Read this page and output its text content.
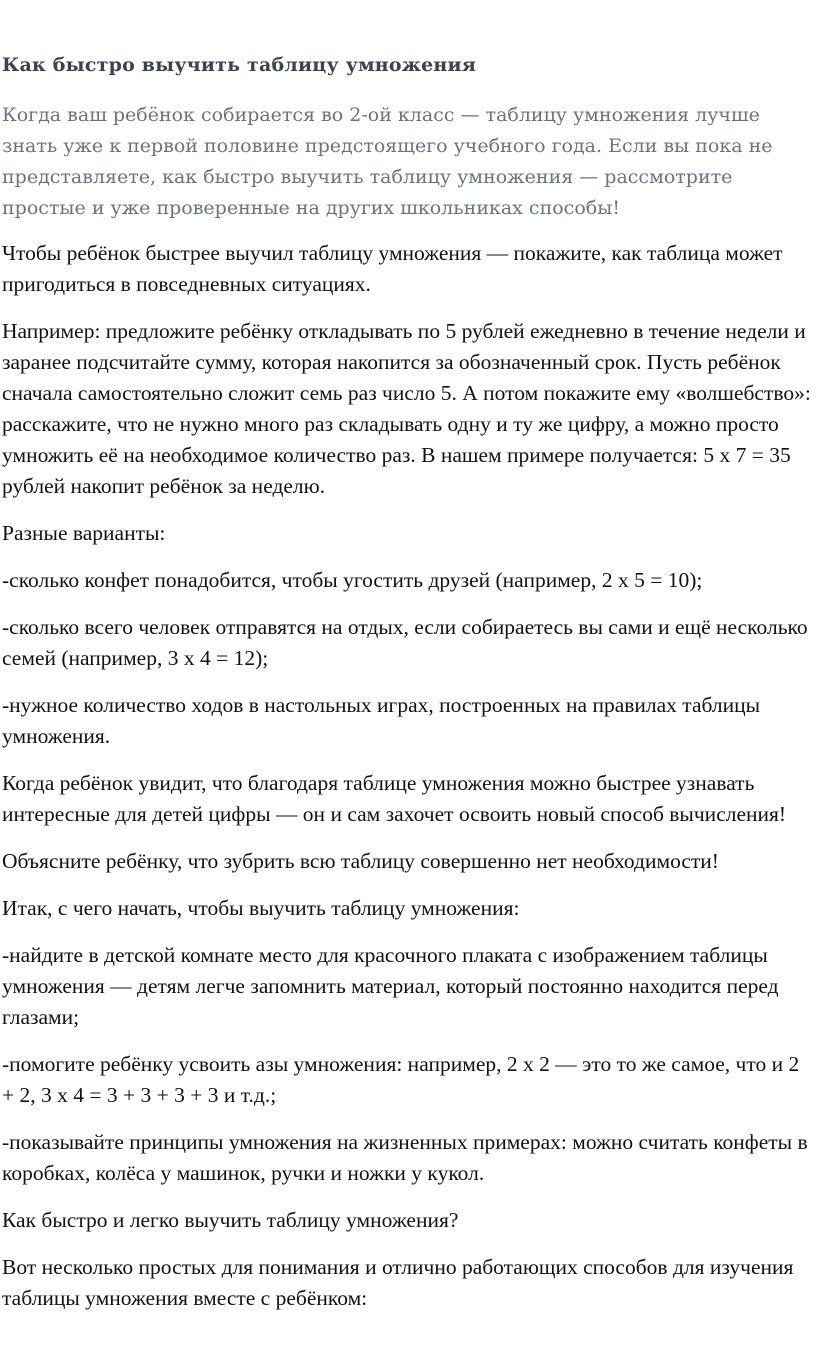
Как быстро выучить таблицу умножения

Когда ваш ребёнок собирается во 2-ой класс — таблицу умножения лучше знать уже к первой половине предстоящего учебного года. Если вы пока не представляете, как быстро выучить таблицу умножения — рассмотрите простые и уже проверенные на других школьниках способы!

Чтобы ребёнок быстрее выучил таблицу умножения — покажите, как таблица может пригодиться в повседневных ситуациях.

Например: предложите ребёнку откладывать по 5 рублей ежедневно в течение недели и заранее подсчитайте сумму, которая накопится за обозначенный срок. Пусть ребёнок сначала самостоятельно сложит семь раз число 5. А потом покажите ему «волшебство»: расскажите, что не нужно много раз складывать одну и ту же цифру, а можно просто умножить её на необходимое количество раз. В нашем примере получается: 5 х 7 = 35 рублей накопит ребёнок за неделю.

Разные варианты:

-сколько конфет понадобится, чтобы угостить друзей (например, 2 х 5 = 10);

-сколько всего человек отправятся на отдых, если собираетесь вы сами и ещё несколько семей (например, 3 х 4 = 12);

-нужное количество ходов в настольных играх, построенных на правилах таблицы умножения.

Когда ребёнок увидит, что благодаря таблице умножения можно быстрее узнавать интересные для детей цифры — он и сам захочет освоить новый способ вычисления!

Объясните ребёнку, что зубрить всю таблицу совершенно нет необходимости!

Итак, с чего начать, чтобы выучить таблицу умножения:

-найдите в детской комнате место для красочного плаката с изображением таблицы умножения — детям легче запомнить материал, который постоянно находится перед глазами;

-помогите ребёнку усвоить азы умножения: например, 2 х 2 — это то же самое, что и 2 + 2, 3 х 4 = 3 + 3 + 3 + 3 и т.д.;

-показывайте принципы умножения на жизненных примерах: можно считать конфеты в коробках, колёса у машинок, ручки и ножки у кукол.

Как быстро и легко выучить таблицу умножения?

Вот несколько простых для понимания и отлично работающих способов для изучения таблицы умножения вместе с ребёнком:
